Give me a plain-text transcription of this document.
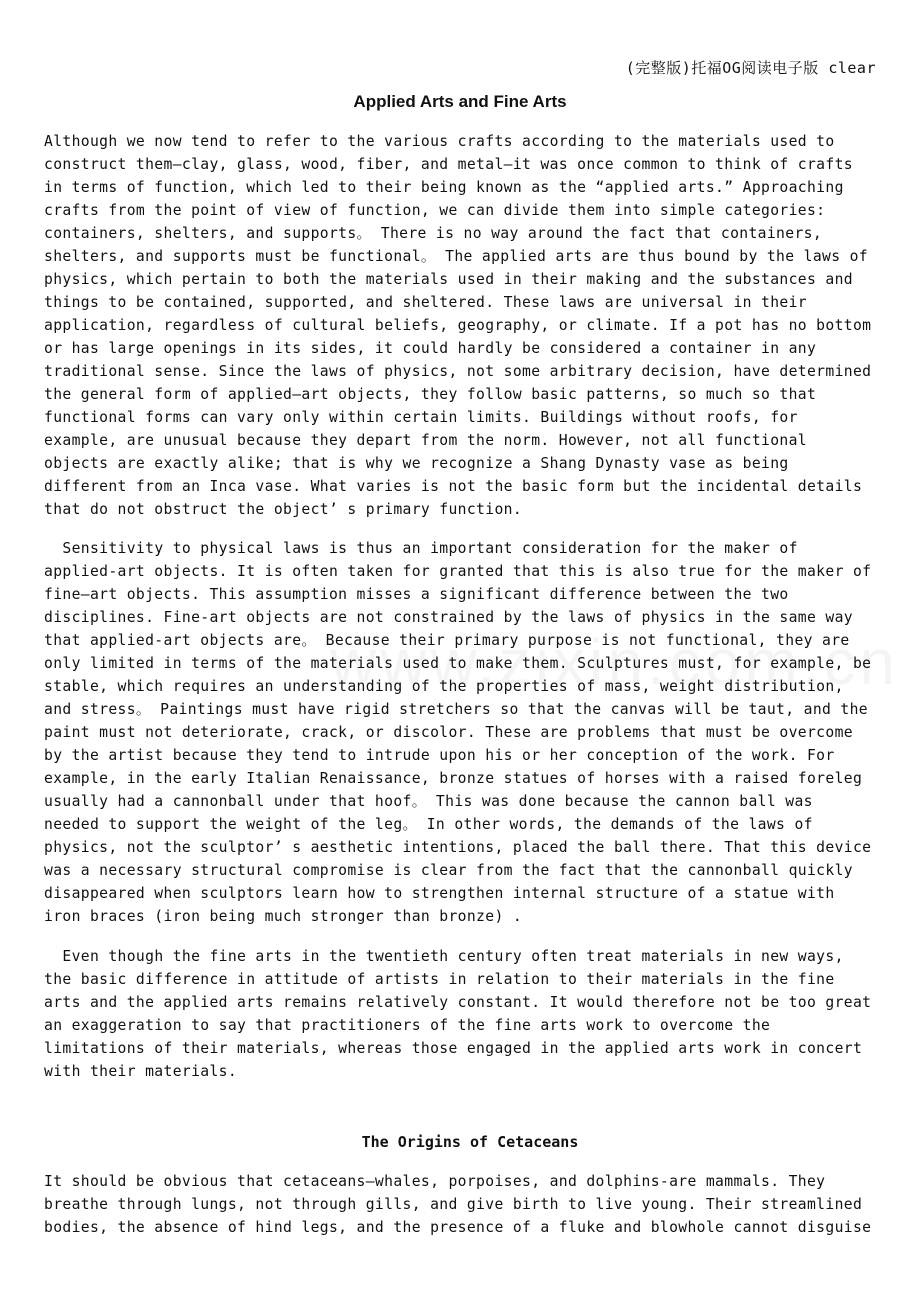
(完整版)托福OG阅读电子版 clear
Applied Arts and Fine Arts

Although we now tend to refer to the various crafts according to the materials used to construct them—clay, glass, wood, fiber, and metal—it was once common to think of crafts in terms of function, which led to their being known as the “applied arts.” Approaching crafts from the point of view of function, we can divide them into simple categories: containers, shelters, and supports。 There is no way around the fact that containers, shelters, and supports must be functional。 The applied arts are thus bound by the laws of physics, which pertain to both the materials used in their making and the substances and things to be contained, supported, and sheltered. These laws are universal in their application, regardless of cultural beliefs, geography, or climate. If a pot has no bottom or has large openings in its sides, it could hardly be considered a container in any traditional sense. Since the laws of physics, not some arbitrary decision, have determined the general form of applied—art objects, they follow basic patterns, so much so that functional forms can vary only within certain limits. Buildings without roofs, for example, are unusual because they depart from the norm. However, not all functional objects are exactly alike; that is why we recognize a Shang Dynasty vase as being different from an Inca vase. What varies is not the basic form but the incidental details that do not obstruct the object’ s primary function.

Sensitivity to physical laws is thus an important consideration for the maker of applied-art objects. It is often taken for granted that this is also true for the maker of fine—art objects. This assumption misses a significant difference between the two disciplines. Fine-art objects are not constrained by the laws of physics in the same way that applied-art objects are。 Because their primary purpose is not functional, they are only limited in terms of the materials used to make them. Sculptures must, for example, be stable, which requires an understanding of the properties of mass, weight distribution, and stress。 Paintings must have rigid stretchers so that the canvas will be taut, and the paint must not deteriorate, crack, or discolor. These are problems that must be overcome by the artist because they tend to intrude upon his or her conception of the work. For example, in the early Italian Renaissance, bronze statues of horses with a raised foreleg usually had a cannonball under that hoof。 This was done because the cannon ball was needed to support the weight of the leg。 In other words, the demands of the laws of physics, not the sculptor’ s aesthetic intentions, placed the ball there. That this device was a necessary structural compromise is clear from the fact that the cannonball quickly disappeared when sculptors learn how to strengthen internal structure of a statue with iron braces (iron being much stronger than bronze) .

Even though the fine arts in the twentieth century often treat materials in new ways, the basic difference in attitude of artists in relation to their materials in the fine arts and the applied arts remains relatively constant. It would therefore not be too great an exaggeration to say that practitioners of the fine arts work to overcome the limitations of their materials, whereas those engaged in the applied arts work in concert with their materials.

The Origins of Cetaceans

It should be obvious that cetaceans—whales, porpoises, and dolphins-are mammals. They breathe through lungs, not through gills, and give birth to live young. Their streamlined bodies, the absence of hind legs, and the presence of a fluke and blowhole cannot disguise
